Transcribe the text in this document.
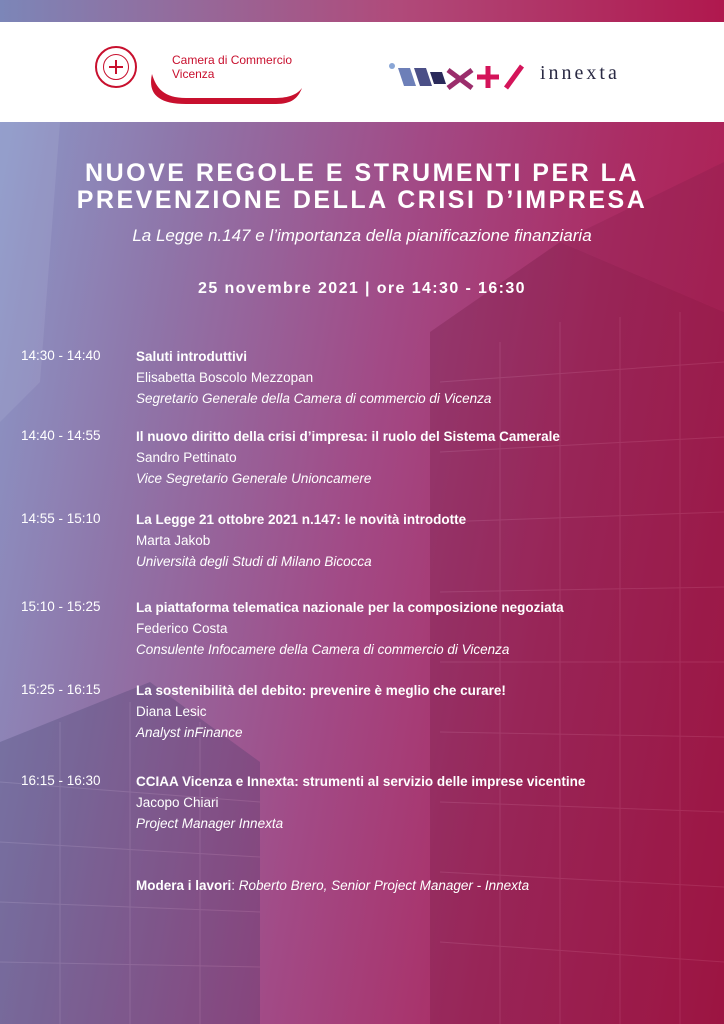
Camera di Commercio
Vicenza	innexta
NUOVE REGOLE E STRUMENTI PER LA
PREVENZIONE DELLA CRISI D’IMPRESA
La Legge n.147 e l’importanza della pianificazione finanziaria
25 novembre 2021 | ore 14:30 - 16:30
14:30 - 14:40	Saluti introduttivi
Elisabetta Boscolo Mezzopan
Segretario Generale della Camera di commercio di Vicenza
14:40 - 14:55	Il nuovo diritto della crisi d’impresa: il ruolo del Sistema Camerale
Sandro Pettinato
Vice Segretario Generale Unioncamere
14:55 - 15:10	La Legge 21 ottobre 2021 n.147: le novità introdotte
Marta Jakob
Università degli Studi di Milano Bicocca
15:10 - 15:25	La piattaforma telematica nazionale per la composizione negoziata
Federico Costa
Consulente Infocamere della Camera di commercio di Vicenza
15:25 - 16:15	La sostenibilità del debito: prevenire è meglio che curare!
Diana Lesic
Analyst inFinance
16:15 - 16:30	CCIAA Vicenza e Innexta: strumenti al servizio delle imprese vicentine
Jacopo Chiari
Project Manager Innexta
Modera i lavori: Roberto Brero, Senior Project Manager - Innexta
